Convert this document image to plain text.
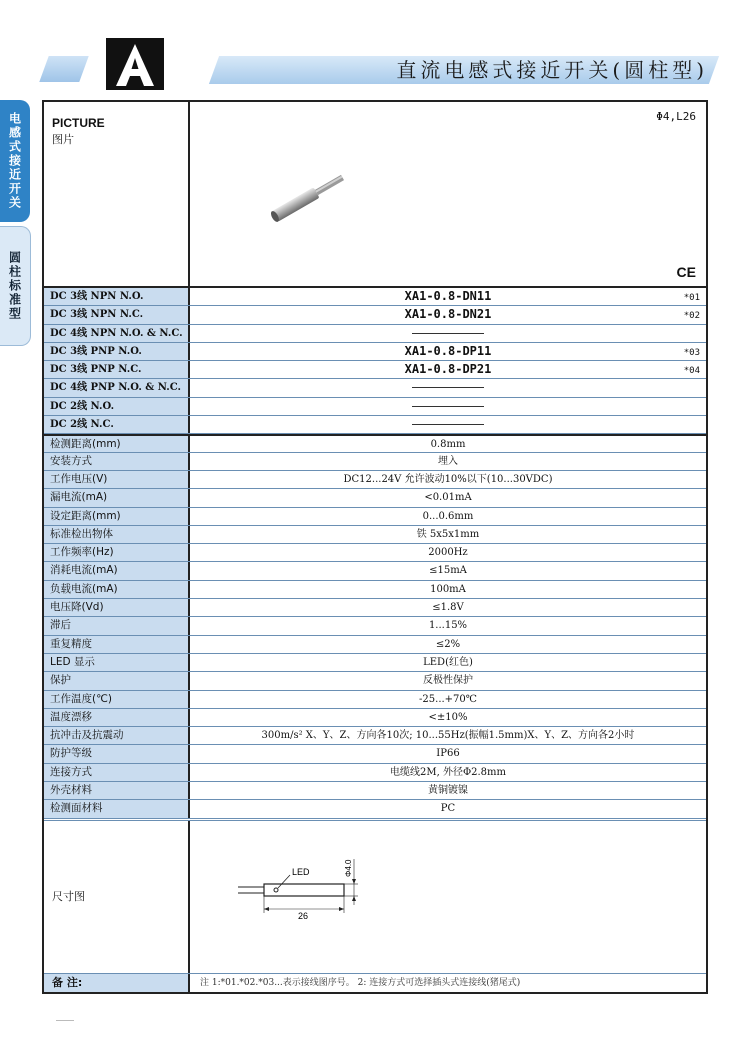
直流电感式接近开关(圆柱型)
电感式接近开关
圆柱标准型
PICTURE
图片
Φ4,L26
CE
DC 3线 NPN N.O.	XA1-0.8-DN11	*01
DC 3线 NPN N.C.	XA1-0.8-DN21	*02
DC 4线 NPN N.O. & N.C.
DC 3线 PNP N.O.	XA1-0.8-DP11	*03
DC 3线 PNP N.C.	XA1-0.8-DP21	*04
DC 4线 PNP N.O. & N.C.
DC 2线 N.O.
DC 2线 N.C.
检测距离(mm)	0.8mm
安装方式	埋入
工作电压(V)	DC12...24V 允许波动10%以下(10...30VDC)
漏电流(mA)	<0.01mA
设定距离(mm)	0...0.6mm
标准检出物体	铁 5x5x1mm
工作频率(Hz)	2000Hz
消耗电流(mA)	≤15mA
负载电流(mA)	100mA
电压降(Vd)	≤1.8V
滞后	1...15%
重复精度	≤2%
LED 显示	LED(红色)
保护	反极性保护
工作温度(℃)	-25...+70℃
温度漂移	<±10%
抗冲击及抗震动	300m/s² X、Y、Z、方向各10次; 10...55Hz(振幅1.5mm)X、Y、Z、方向各2小时
防护等级	IP66
连接方式	电缆线2M, 外径Φ2.8mm
外壳材料	黄铜镀镍
检测面材料	PC
尺寸图
LED
26
Φ4.0
备 注:	注 1:*01.*02.*03...表示接线图序号。 2: 连接方式可选择插头式连接线(猪尾式)
